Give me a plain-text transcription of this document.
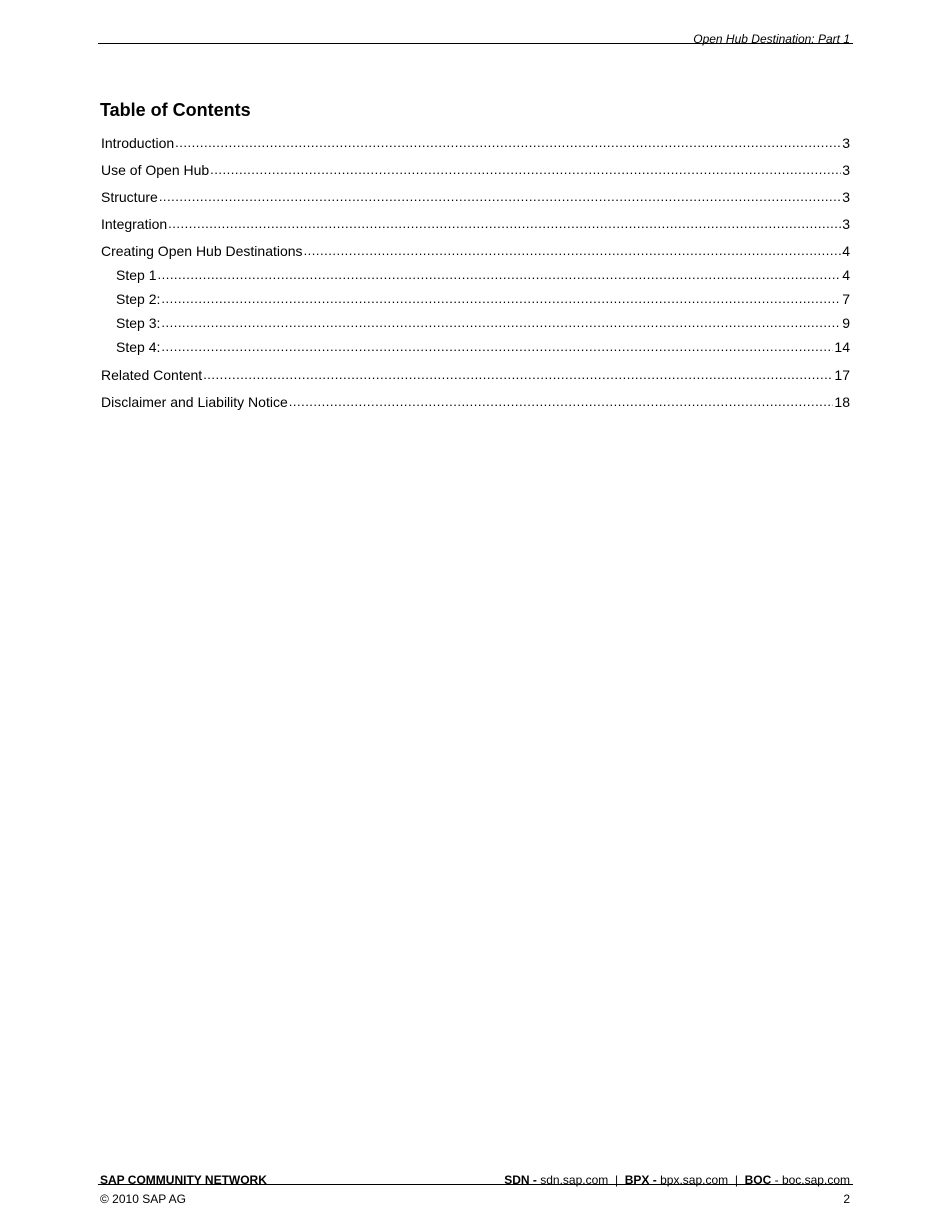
Open Hub Destination: Part 1
Table of Contents
Introduction .....	3
Use of Open Hub .....	3
Structure .....	3
Integration .....	3
Creating Open Hub Destinations .....	4
Step 1 .....	4
Step 2: .....	7
Step 3: .....	9
Step 4: .....	14
Related Content .....	17
Disclaimer and Liability Notice .....	18
SAP COMMUNITY NETWORK	SDN - sdn.sap.com | BPX - bpx.sap.com | BOC - boc.sap.com
© 2010 SAP AG	2
